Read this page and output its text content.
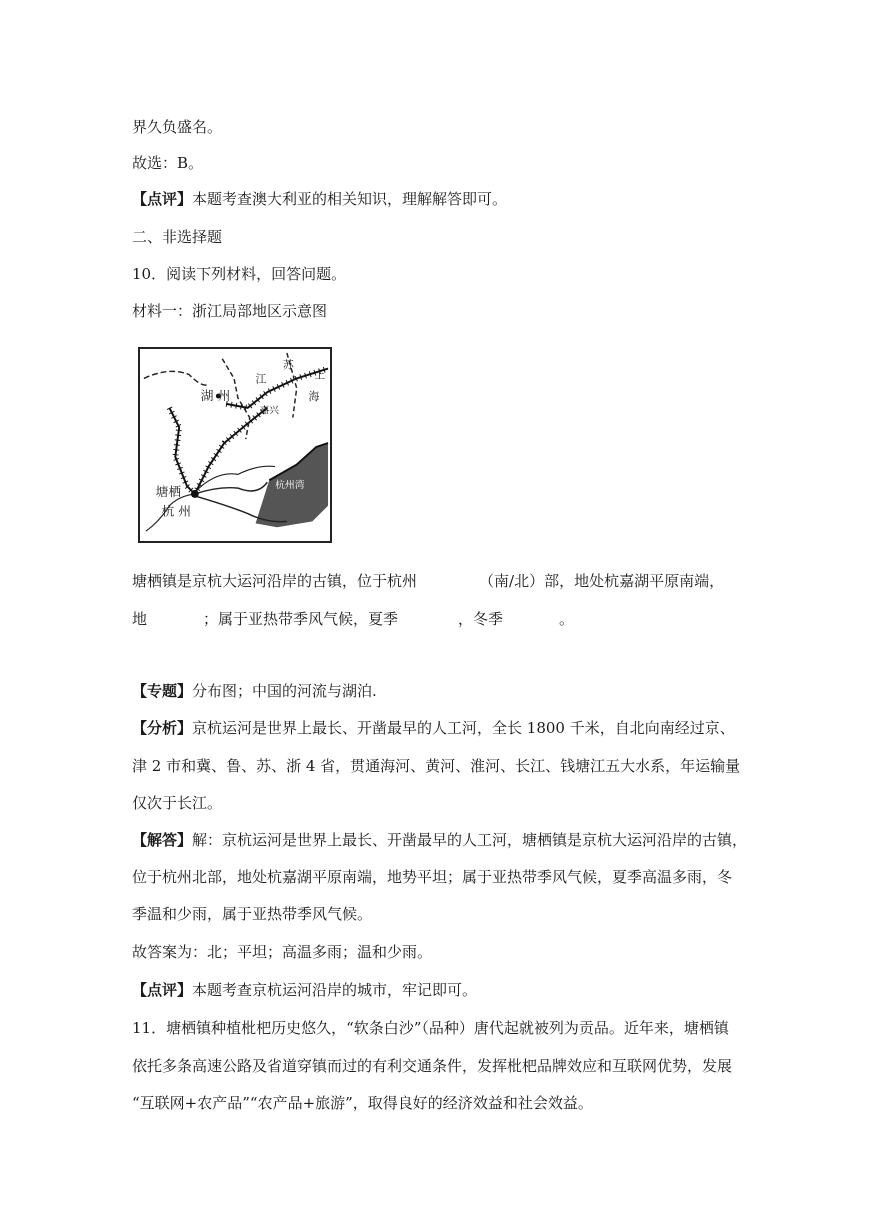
界久负盛名。
故选：B。
【点评】本题考查澳大利亚的相关知识，理解解答即可。
二、非选择题
10．阅读下列材料，回答问题。
材料一：浙江局部地区示意图
湖 州
塘栖
杭 州
嘉兴
杭州湾
江
苏
上
海
塘栖镇是京杭大运河沿岸的古镇，位于杭州	（南/北）部，地处杭嘉湖平原南端，
地	；属于亚热带季风气候，夏季	，冬季	。
【专题】分布图；中国的河流与湖泊.
【分析】京杭运河是世界上最长、开凿最早的人工河，全长 1800 千米，自北向南经过京、
津 2 市和冀、鲁、苏、浙 4 省，贯通海河、黄河、淮河、长江、钱塘江五大水系，年运输量
仅次于长江。
【解答】解：京杭运河是世界上最长、开凿最早的人工河，塘栖镇是京杭大运河沿岸的古镇，
位于杭州北部，地处杭嘉湖平原南端，地势平坦；属于亚热带季风气候，夏季高温多雨，冬
季温和少雨，属于亚热带季风气候。
故答案为：北；平坦；高温多雨；温和少雨。
【点评】本题考查京杭运河沿岸的城市，牢记即可。
11．塘栖镇种植枇杷历史悠久，“软条白沙”（品种）唐代起就被列为贡品。近年来，塘栖镇
依托多条高速公路及省道穿镇而过的有利交通条件，发挥枇杷品牌效应和互联网优势，发展
“互联网+农产品”“农产品+旅游”，取得良好的经济效益和社会效益。
